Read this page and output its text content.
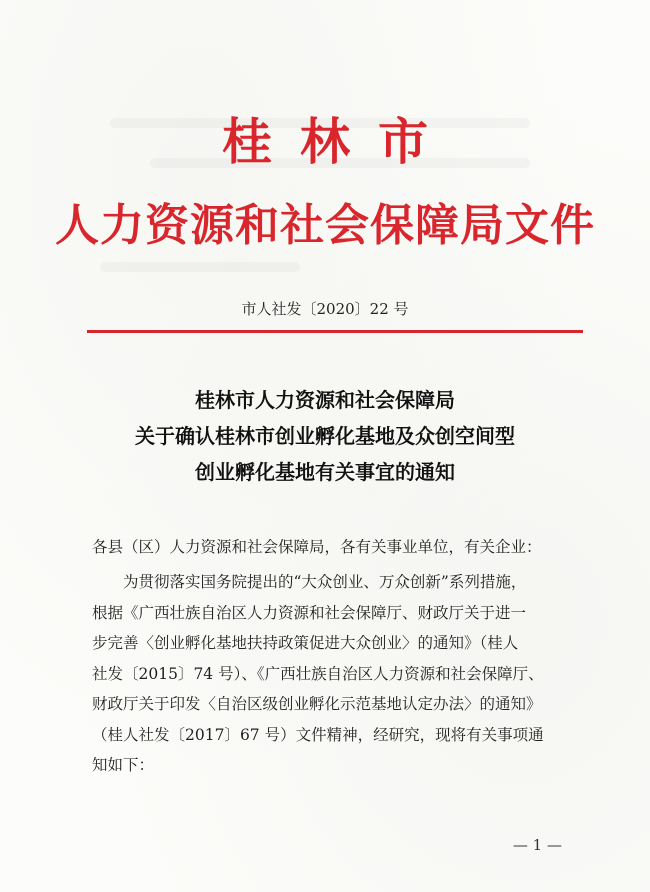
桂林市
人力资源和社会保障局文件
市人社发〔2020〕22 号
桂林市人力资源和社会保障局
关于确认桂林市创业孵化基地及众创空间型
创业孵化基地有关事宜的通知
各县（区）人力资源和社会保障局，各有关事业单位，有关企业：
为贯彻落实国务院提出的“大众创业、万众创新”系列措施，
根据《广西壮族自治区人力资源和社会保障厅、财政厅关于进一
步完善〈创业孵化基地扶持政策促进大众创业〉的通知》（桂人
社发〔2015〕74 号）、《广西壮族自治区人力资源和社会保障厅、
财政厅关于印发〈自治区级创业孵化示范基地认定办法〉的通知》
（桂人社发〔2017〕67 号）文件精神，经研究，现将有关事项通
知如下：
— 1 —
